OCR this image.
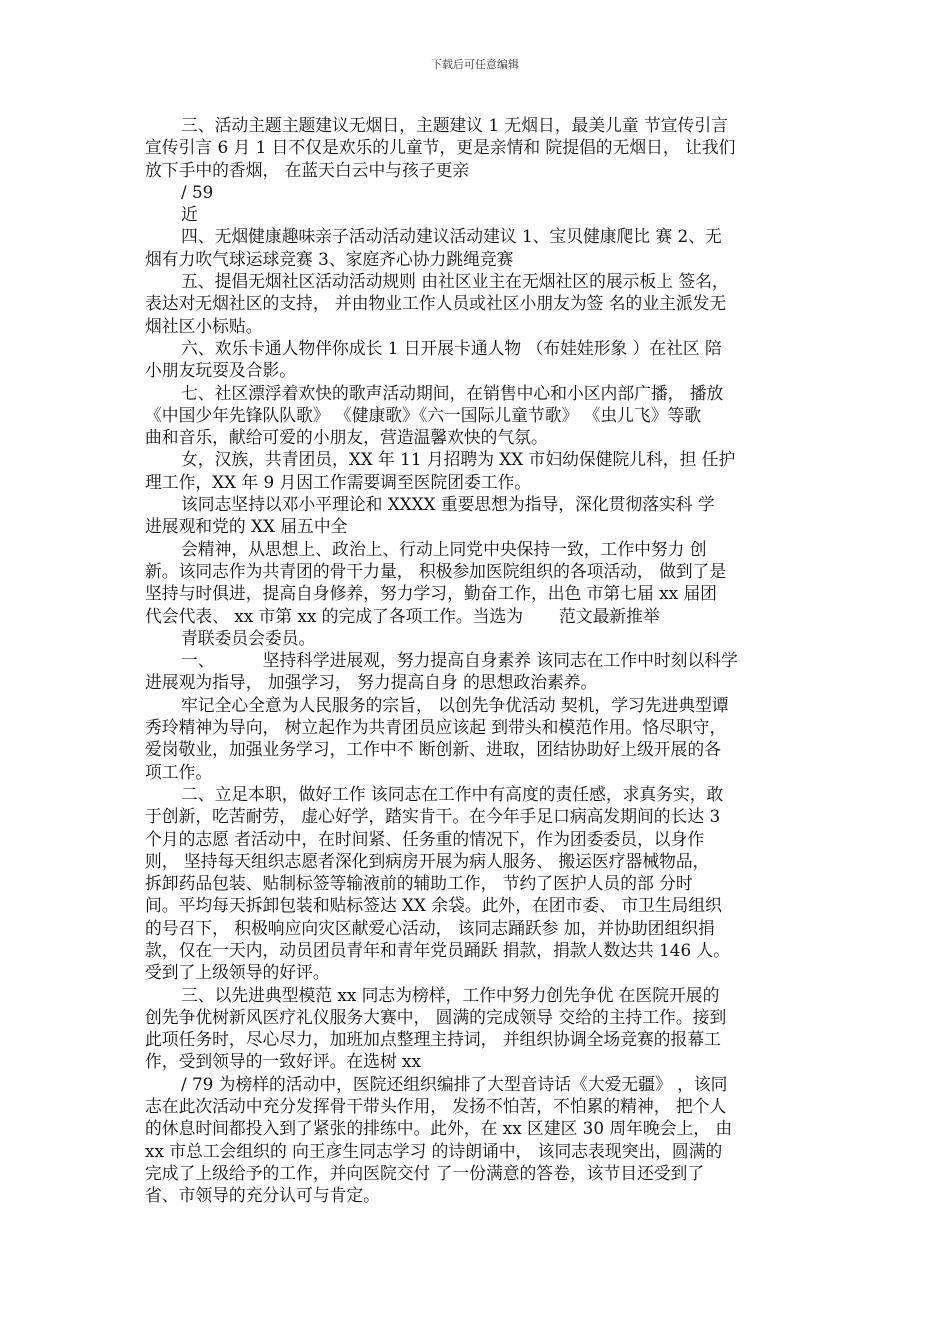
下载后可任意编辑
三、活动主题主题建议无烟日，主题建议 1 无烟日，最美儿童 节宣传引言
宣传引言 6 月 1 日不仅是欢乐的儿童节，更是亲情和 院提倡的无烟日， 让我们
放下手中的香烟， 在蓝天白云中与孩子更亲
/ 59
近
四、无烟健康趣味亲子活动活动建议活动建议 1、宝贝健康爬比 赛 2、无
烟有力吹气球运球竞赛 3、家庭齐心协力跳绳竞赛
五、提倡无烟社区活动活动规则 由社区业主在无烟社区的展示板上 签名，
表达对无烟社区的支持， 并由物业工作人员或社区小朋友为签 名的业主派发无
烟社区小标贴。
六、欢乐卡通人物伴你成长 1 日开展卡通人物 （布娃娃形象 ）在社区 陪
小朋友玩耍及合影。
七、社区漂浮着欢快的歌声活动期间，在销售中心和小区内部广播， 播放
《中国少年先锋队队歌》 《健康歌》《六一国际儿童节歌》 《虫儿飞》等歌
曲和音乐，献给可爱的小朋友，营造温馨欢快的气氛。
女，汉族，共青团员，XX 年 11 月招聘为 XX 市妇幼保健院儿科，担 任护
理工作，XX 年 9 月因工作需要调至医院团委工作。
该同志坚持以邓小平理论和 XXXX 重要思想为指导，深化贯彻落实科 学
进展观和党的 XX 届五中全
会精神，从思想上、政治上、行动上同党中央保持一致，工作中努力 创
新。该同志作为共青团的骨干力量， 积极参加医院组织的各项活动， 做到了是
坚持与时俱进，提高自身修养，努力学习，勤奋工作，出色 市第七届 xx 届团
代会代表、 xx 市第 xx 的完成了各项工作。当选为 范文最新推举
青联委员会委员。
一、	坚持科学进展观，努力提高自身素养 该同志在工作中时刻以科学
进展观为指导， 加强学习， 努力提高自身 的思想政治素养。
牢记全心全意为人民服务的宗旨， 以创先争优活动 契机，学习先进典型谭
秀玲精神为导向， 树立起作为共青团员应该起 到带头和模范作用。恪尽职守，
爱岗敬业，加强业务学习，工作中不 断创新、进取，团结协助好上级开展的各
项工作。
二、立足本职，做好工作 该同志在工作中有高度的责任感，求真务实，敢
于创新，吃苦耐劳， 虚心好学，踏实肯干。在今年手足口病高发期间的长达 3
个月的志愿 者活动中，在时间紧、任务重的情况下，作为团委委员，以身作
则， 坚持每天组织志愿者深化到病房开展为病人服务、 搬运医疗器械物品，
拆卸药品包装、贴制标签等输液前的辅助工作， 节约了医护人员的部 分时
间。平均每天拆卸包装和贴标签达 XX 余袋。此外，在团市委、 市卫生局组织
的号召下， 积极响应向灾区献爱心活动， 该同志踊跃参 加，并协助团组织捐
款，仅在一天内，动员团员青年和青年党员踊跃 捐款，捐款人数达共 146 人。
受到了上级领导的好评。
三、以先进典型模范 xx 同志为榜样，工作中努力创先争优 在医院开展的
创先争优树新风医疗礼仪服务大赛中， 圆满的完成领导 交给的主持工作。接到
此项任务时，尽心尽力，加班加点整理主持词， 并组织协调全场竞赛的报幕工
作，受到领导的一致好评。在选树 xx
/ 79 为榜样的活动中，医院还组织编排了大型音诗话《大爱无疆》 ，该同
志在此次活动中充分发挥骨干带头作用， 发扬不怕苦，不怕累的精神， 把个人
的休息时间都投入到了紧张的排练中。此外，在 xx 区建区 30 周年晚会上， 由
xx 市总工会组织的 向王彦生同志学习 的诗朗诵中， 该同志表现突出，圆满的
完成了上级给予的工作，并向医院交付 了一份满意的答卷，该节目还受到了
省、市领导的充分认可与肯定。
